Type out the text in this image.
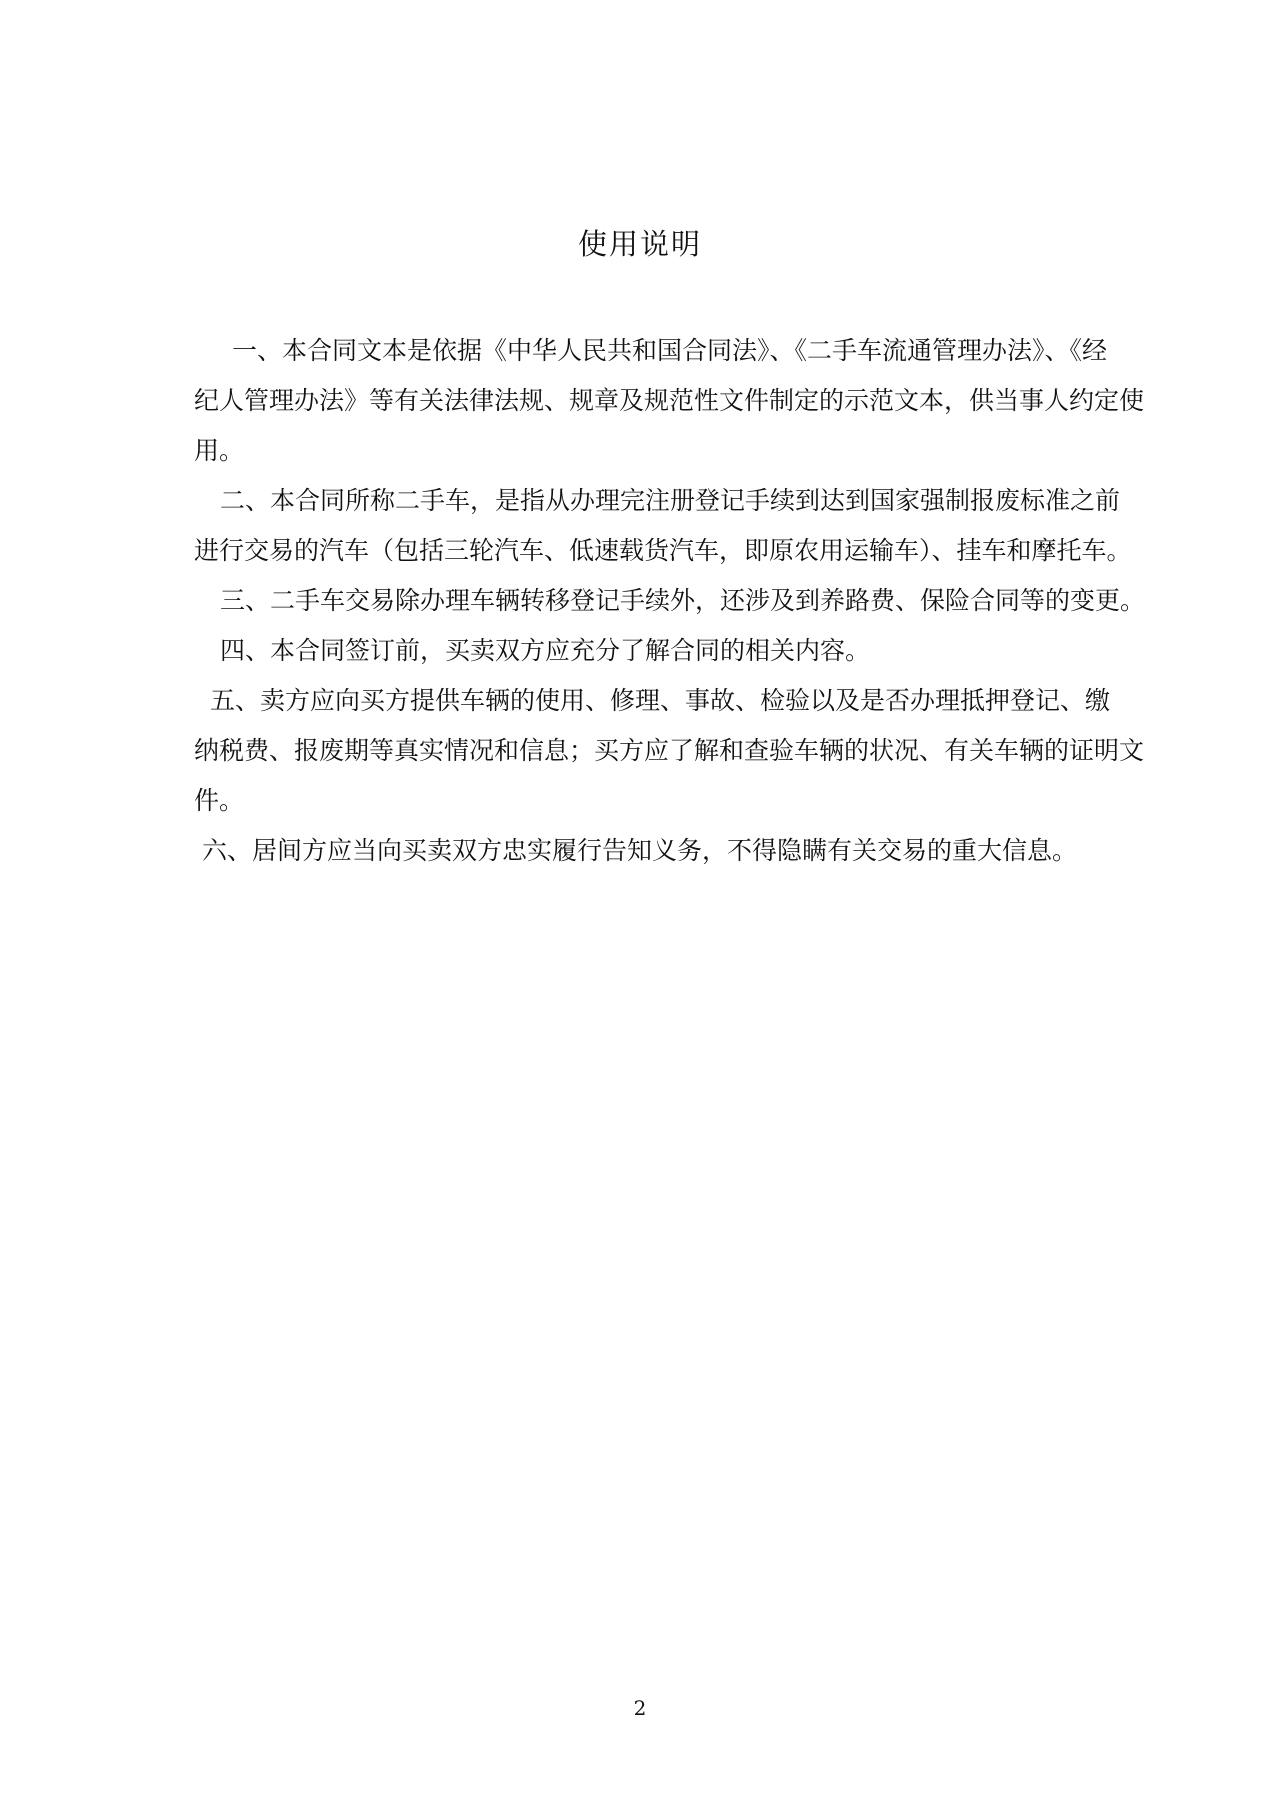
使用说明
一、本合同文本是依据《中华人民共和国合同法》、《二手车流通管理办法》、《经
纪人管理办法》等有关法律法规、规章及规范性文件制定的示范文本，供当事人约定使
用。
二、本合同所称二手车，是指从办理完注册登记手续到达到国家强制报废标准之前
进行交易的汽车（包括三轮汽车、低速载货汽车，即原农用运输车）、挂车和摩托车。
三、二手车交易除办理车辆转移登记手续外，还涉及到养路费、保险合同等的变更。
四、本合同签订前，买卖双方应充分了解合同的相关内容。
五、卖方应向买方提供车辆的使用、修理、事故、检验以及是否办理抵押登记、缴
纳税费、报废期等真实情况和信息；买方应了解和查验车辆的状况、有关车辆的证明文
件。
六、居间方应当向买卖双方忠实履行告知义务，不得隐瞒有关交易的重大信息。
2
